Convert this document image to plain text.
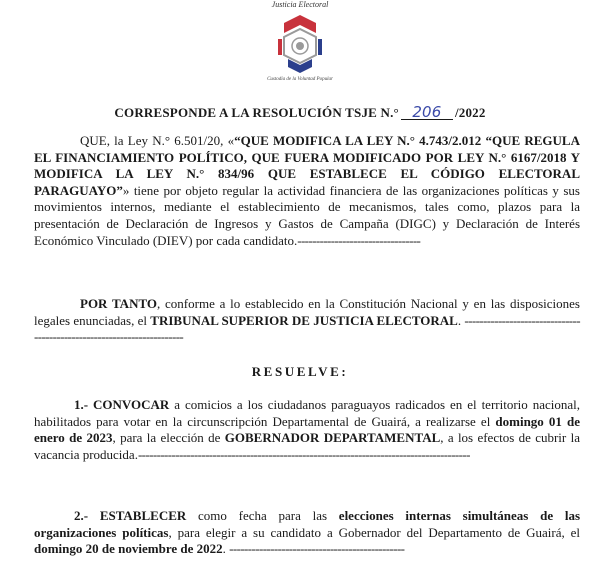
Justicia Electoral
Custodia de la Voluntad Popular
CORRESPONDE A LA RESOLUCIÓN TSJE N.° 206 /2022
QUE, la Ley N.° 6.501/20, «“QUE MODIFICA LA LEY N.° 4.743/2.012 “QUE REGULA EL FINANCIAMIENTO POLÍTICO, QUE FUERA MODIFICADO POR LEY N.° 6167/2018 Y MODIFICA LA LEY N.° 834/96 QUE ESTABLECE EL CÓDIGO ELECTORAL PARAGUAYO”» tiene por objeto regular la actividad financiera de las organizaciones políticas y sus movimientos internos, mediante el establecimiento de mecanismos, tales como, plazos para la presentación de Declaración de Ingresos y Gastos de Campaña (DIGC) y Declaración de Interés Económico Vinculado (DIEV) por cada candidato.---------------------------------
POR TANTO, conforme a lo establecido en la Constitución Nacional y en las disposiciones legales enunciadas, el TRIBUNAL SUPERIOR DE JUSTICIA ELECTORAL. -----------------------------------------------------------------------
RESUELVE:
1.- CONVOCAR a comicios a los ciudadanos paraguayos radicados en el territorio nacional, habilitados para votar en la circunscripción Departamental de Guairá, a realizarse el domingo 01 de enero de 2023, para la elección de GOBERNADOR DEPARTAMENTAL, a los efectos de cubrir la vacancia producida.-----------------------------------------------------------------------------------------
2.- ESTABLECER como fecha para las elecciones internas simultáneas de las organizaciones políticas, para elegir a su candidato a Gobernador del Departamento de Guairá, el domingo 20 de noviembre de 2022. -----------------------------------------------
